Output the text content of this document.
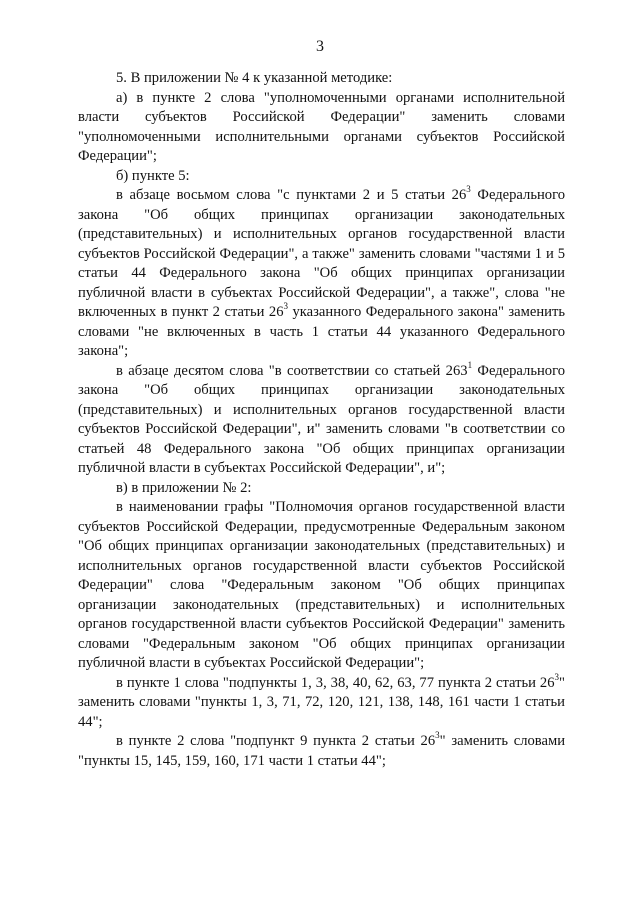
3

5. В приложении № 4 к указанной методике:

а) в пункте 2 слова "уполномоченными органами исполнительной власти субъектов Российской Федерации" заменить словами "уполномоченными исполнительными органами субъектов Российской Федерации";

б) пункте 5:

в абзаце восьмом слова "с пунктами 2 и 5 статьи $26^3$ Федерального закона "Об общих принципах организации законодательных (представительных) и исполнительных органов государственной власти субъектов Российской Федерации", а также" заменить словами "частями 1 и 5 статьи 44 Федерального закона "Об общих принципах организации публичной власти в субъектах Российской Федерации", а также", слова "не включенных в пункт 2 статьи $26^3$ указанного Федерального закона" заменить словами "не включенных в часть 1 статьи 44 указанного Федерального закона";

в абзаце десятом слова "в соответствии со статьей $263^1$ Федерального закона "Об общих принципах организации законодательных (представительных) и исполнительных органов государственной власти субъектов Российской Федерации", и" заменить словами "в соответствии со статьей 48 Федерального закона "Об общих принципах организации публичной власти в субъектах Российской Федерации", и";

в) в приложении № 2:

в наименовании графы "Полномочия органов государственной власти субъектов Российской Федерации, предусмотренные Федеральным законом "Об общих принципах организации законодательных (представительных) и исполнительных органов государственной власти субъектов Российской Федерации" слова "Федеральным законом "Об общих принципах организации законодательных (представительных) и исполнительных органов государственной власти субъектов Российской Федерации" заменить словами "Федеральным законом "Об общих принципах организации публичной власти в субъектах Российской Федерации";

в пункте 1 слова "подпункты 1, 3, 38, 40, 62, 63, 77 пункта 2 статьи $26^3$" заменить словами "пункты 1, 3, 71, 72, 120, 121, 138, 148, 161 части 1 статьи 44";

в пункте 2 слова "подпункт 9 пункта 2 статьи $26^3$" заменить словами "пункты 15, 145, 159, 160, 171 части 1 статьи 44";
